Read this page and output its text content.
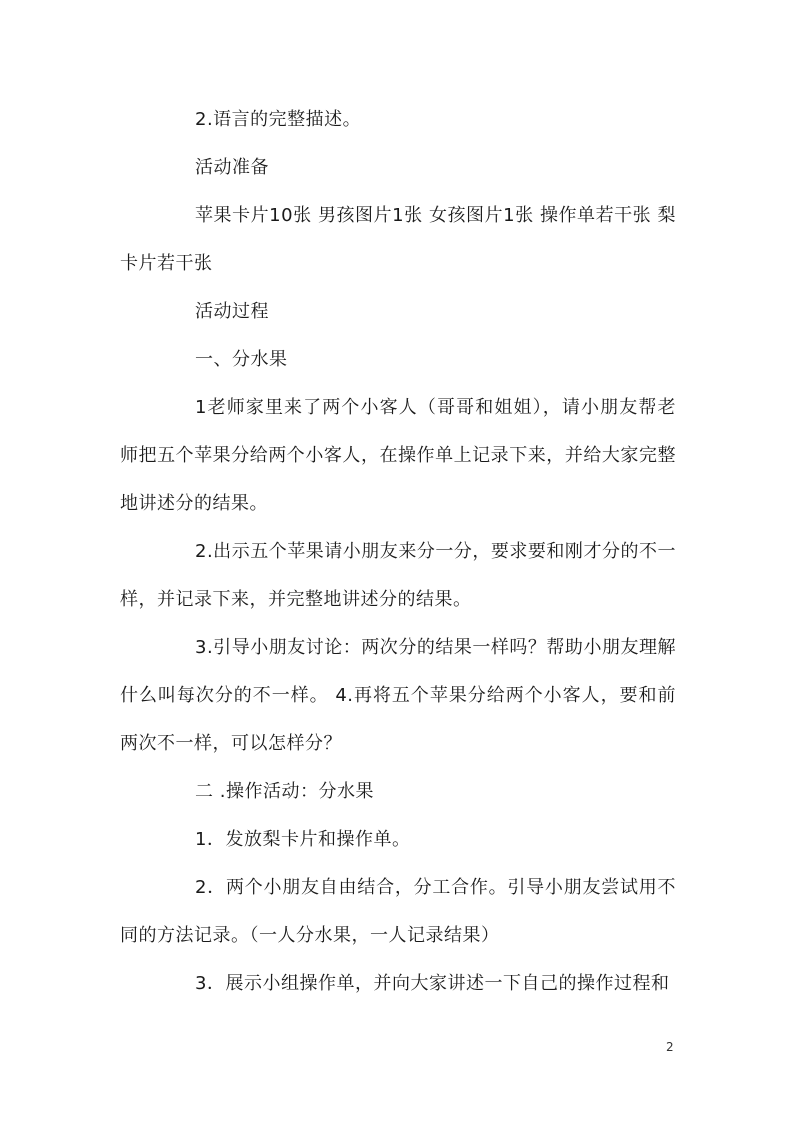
2.语言的完整描述。

活动准备

苹果卡片10张 男孩图片1张 女孩图片1张 操作单若干张 梨卡片若干张

活动过程

一、分水果

1老师家里来了两个小客人（哥哥和姐姐），请小朋友帮老师把五个苹果分给两个小客人，在操作单上记录下来，并给大家完整地讲述分的结果。

2.出示五个苹果请小朋友来分一分，要求要和刚才分的不一样，并记录下来，并完整地讲述分的结果。

3.引导小朋友讨论：两次分的结果一样吗？帮助小朋友理解什么叫每次分的不一样。 4.再将五个苹果分给两个小客人，要和前两次不一样，可以怎样分？

二 .操作活动：分水果

1．发放梨卡片和操作单。

2．两个小朋友自由结合，分工合作。引导小朋友尝试用不同的方法记录。（一人分水果，一人记录结果）

3．展示小组操作单，并向大家讲述一下自己的操作过程和

2
